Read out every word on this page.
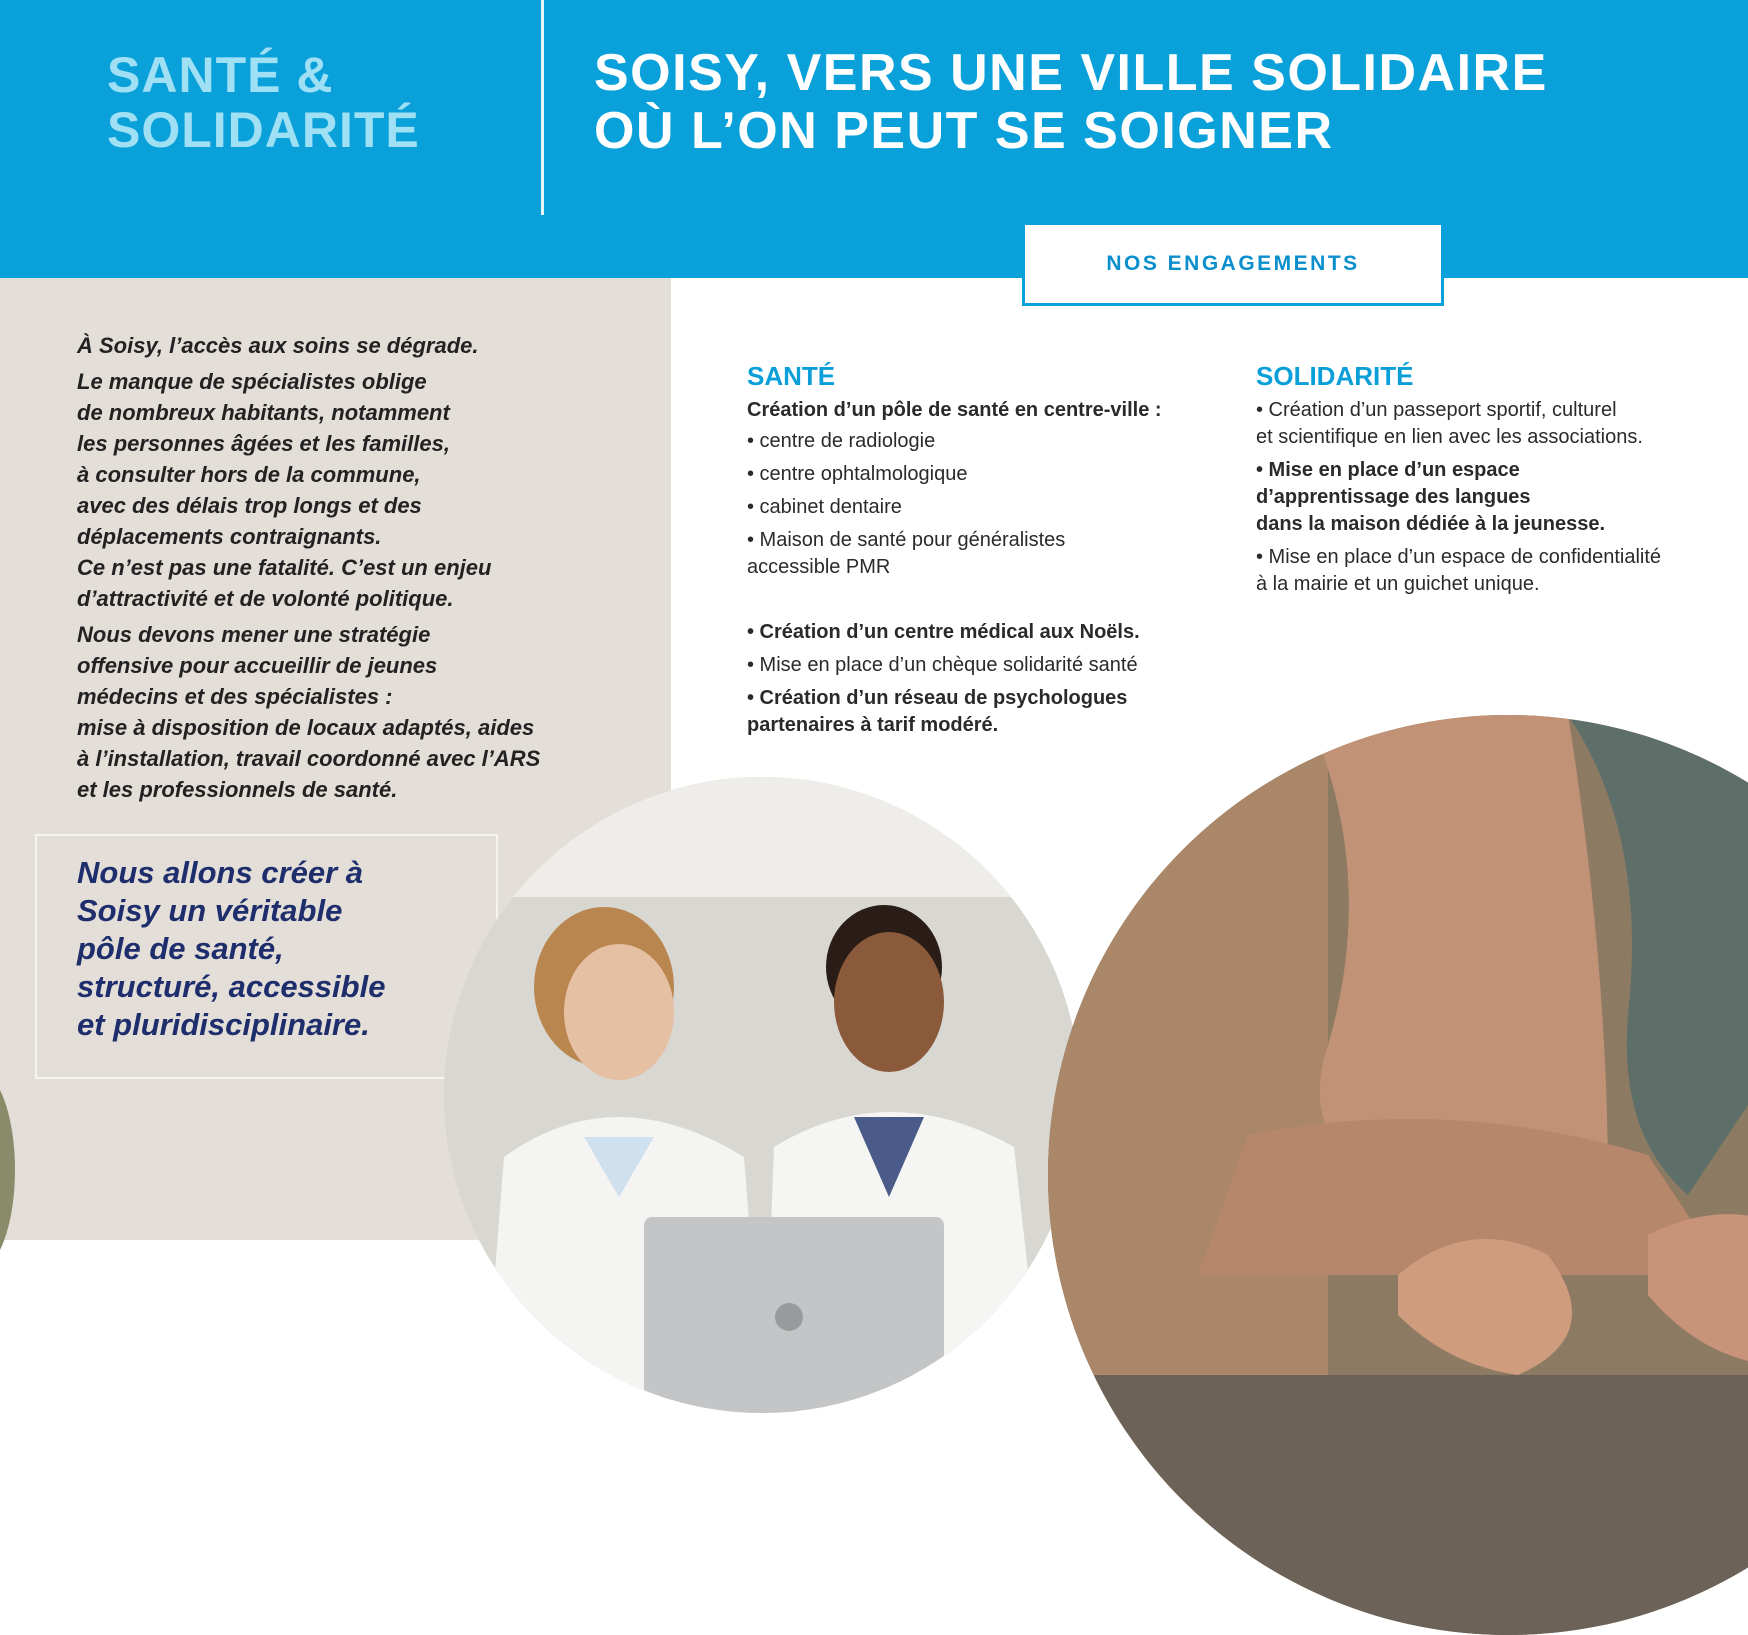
SANTÉ &
SOLIDARITÉ
SOISY, VERS UNE VILLE SOLIDAIRE
OÙ L’ON PEUT SE SOIGNER
NOS ENGAGEMENTS

À Soisy, l’accès aux soins se dégrade.

Le manque de spécialistes oblige
de nombreux habitants, notamment
les personnes âgées et les familles,
à consulter hors de la commune,
avec des délais trop longs et des
déplacements contraignants.
Ce n’est pas une fatalité. C’est un enjeu
d’attractivité et de volonté politique.

Nous devons mener une stratégie
offensive pour accueillir de jeunes
médecins et des spécialistes :
mise à disposition de locaux adaptés, aides
à l’installation, travail coordonné avec l’ARS
et les professionnels de santé.

Nous allons créer à
Soisy un véritable
pôle de santé,
structuré, accessible
et pluridisciplinaire.
SANTÉ
Création d’un pôle de santé en centre-ville :
• centre de radiologie
• centre ophtalmologique
• cabinet dentaire
• Maison de santé pour généralistes
accessible PMR
• Création d’un centre médical aux Noëls.
• Mise en place d’un chèque solidarité santé
• Création d’un réseau de psychologues
partenaires à tarif modéré.
SOLIDARITÉ
• Création d’un passeport sportif, culturel
et scientifique en lien avec les associations.
• Mise en place d’un espace
d’apprentissage des langues
dans la maison dédiée à la jeunesse.
• Mise en place d’un espace de confidentialité
à la mairie et un guichet unique.
